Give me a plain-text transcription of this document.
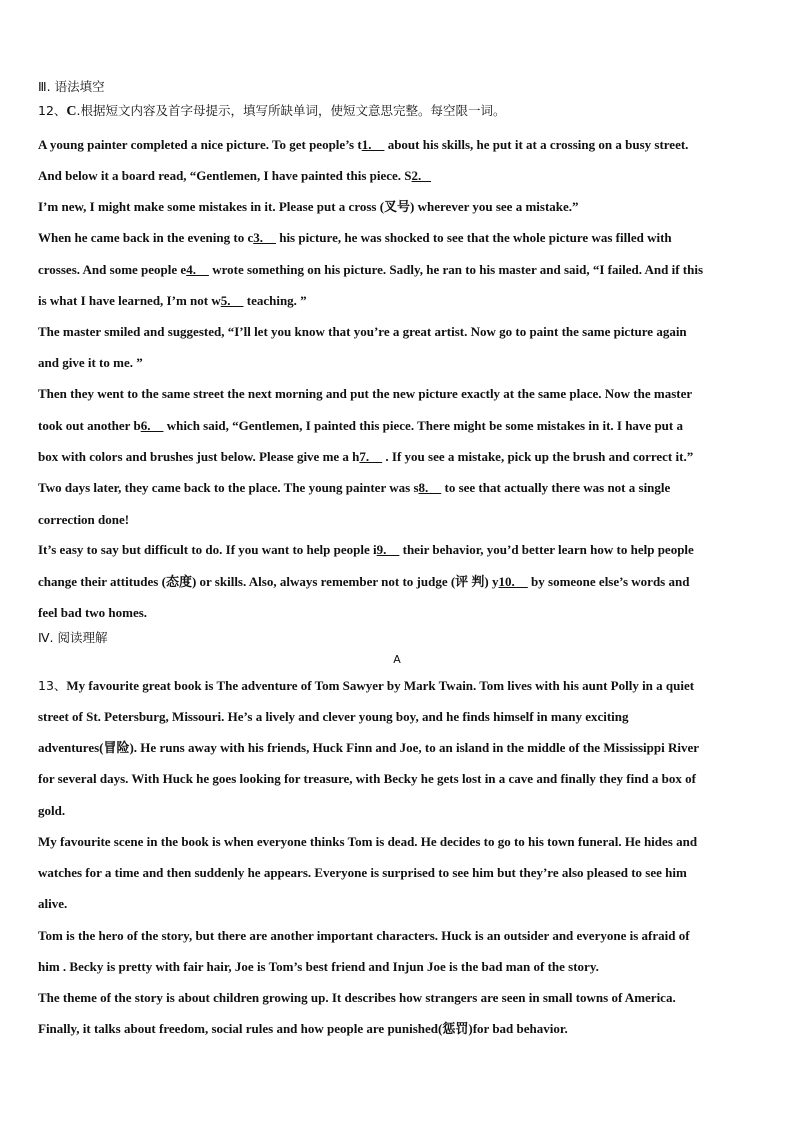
Ⅲ. 语法填空
12、C.根据短文内容及首字母提示，填写所缺单词，使短文意思完整。每空限一词。
A young painter completed a nice picture. To get people’s t1.     about his skills, he put it at a crossing on a busy street.
And below it a board read, “Gentlemen, I have painted this piece. S2.
I’m new, I might make some mistakes in it. Please put a cross (叉号) wherever you see a mistake.”
When he came back in the evening to c3.     his picture, he was shocked to see that the whole picture was filled with
crosses. And some people e4.     wrote something on his picture. Sadly, he ran to his master and said, “I failed. And if this
is what I have learned, I’m not w5.     teaching. ”
The master smiled and suggested, “I’ll let you know that you’re a great artist. Now go to paint the same picture again
and give it to me. ”
Then they went to the same street the next morning and put the new picture exactly at the same place. Now the master
took out another b6.     which said, “Gentlemen, I painted this piece. There might be some mistakes in it. I have put a
box with colors and brushes just below. Please give me a h7.     . If you see a mistake, pick up the brush and correct it.”
Two days later, they came back to the place. The young painter was s8.     to see that actually there was not a single
correction done!
It’s easy to say but difficult to do. If you want to help people i9.     their behavior, you’d better learn how to help people
change their attitudes (态度) or skills. Also, always remember not to judge (评 判) y10.     by someone else’s words and
feel bad two homes.
Ⅳ. 阅读理解
A
13、My favourite great book is The adventure of Tom Sawyer by Mark Twain. Tom lives with his aunt Polly in a quiet
street of St. Petersburg, Missouri. He’s a lively and clever young boy, and he finds himself in many exciting
adventures(冒险). He runs away with his friends, Huck Finn and Joe, to an island in the middle of the Mississippi River
for several days. With Huck he goes looking for treasure, with Becky he gets lost in a cave and finally they find a box of
gold.
My favourite scene in the book is when everyone thinks Tom is dead. He decides to go to his town funeral. He hides and
watches for a time and then suddenly he appears. Everyone is surprised to see him but they’re also pleased to see him
alive.
Tom is the hero of the story, but there are another important characters. Huck is an outsider and everyone is afraid of
him . Becky is pretty with fair hair, Joe is Tom’s best friend and Injun Joe is the bad man of the story.
The theme of the story is about children growing up. It describes how strangers are seen in small towns of America.
Finally, it talks about freedom, social rules and how people are punished(惩罚)for bad behavior.
